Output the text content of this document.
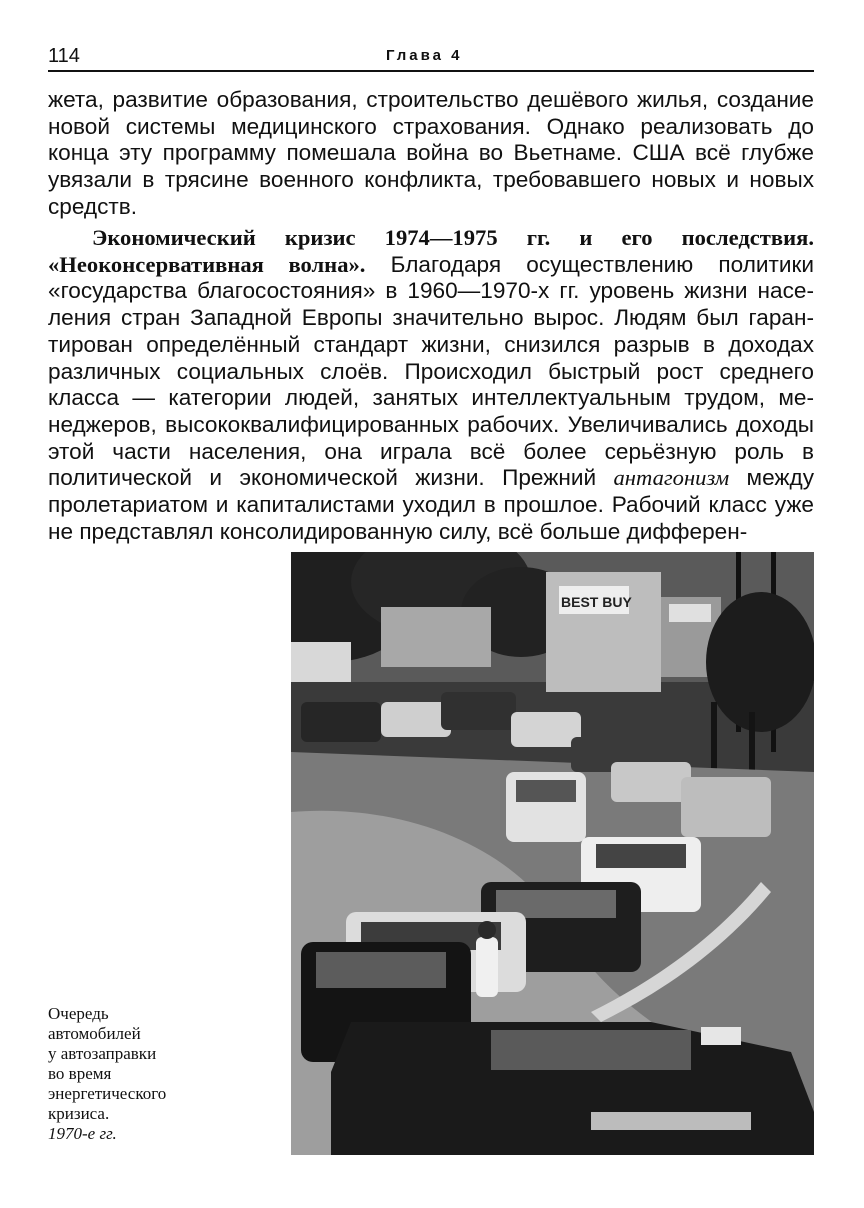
114	Глава 4

жета, развитие образования, строительство дешёвого жилья, создание новой системы медицинского страхования. Однако реализовать до конца эту программу помешала война во Вьетнаме. США всё глубже увязали в трясине военного конфликта, требовавшего новых и новых средств.

Экономический кризис 1974—1975 гг. и его последствия. «Неоконсервативная волна». Благодаря осуществлению политики «государства благосостояния» в 1960—1970-х гг. уровень жизни населения стран Западной Европы значительно вырос. Людям был гарантирован определённый стандарт жизни, снизился разрыв в доходах различных социальных слоёв. Происходил быстрый рост среднего класса — категории людей, занятых интеллектуальным трудом, менеджеров, высококвалифицированных рабочих. Увеличивались доходы этой части населения, она играла всё более серьёзную роль в политической и экономической жизни. Прежний антагонизм между пролетариатом и капиталистами уходил в прошлое. Рабочий класс уже не представлял консолидированную силу, всё больше дифферен-

BEST BUY

Очередь
автомобилей
у автозаправки
во время
энергетического
кризиса.
1970-е гг.
